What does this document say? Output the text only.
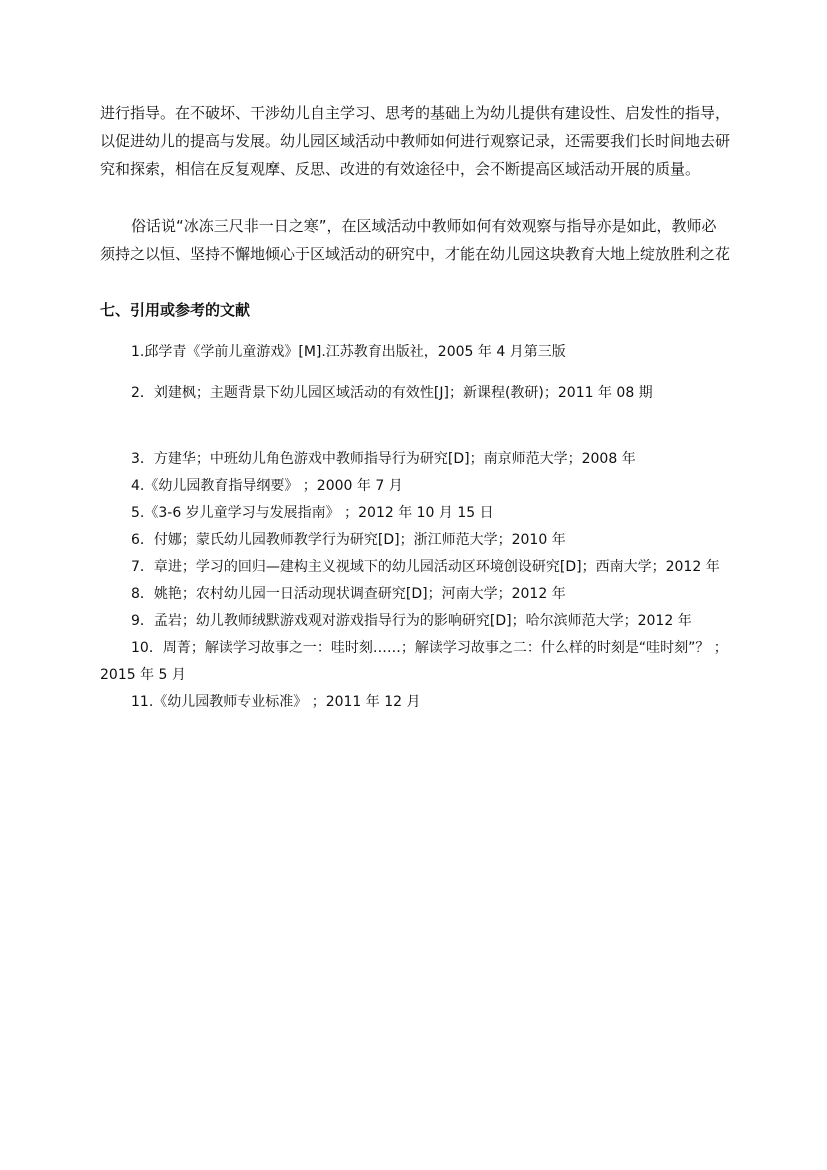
进行指导。在不破坏、干涉幼儿自主学习、思考的基础上为幼儿提供有建设性、启发性的指导，以促进幼儿的提高与发展。幼儿园区域活动中教师如何进行观察记录，还需要我们长时间地去研究和探索，相信在反复观摩、反思、改进的有效途径中，会不断提高区域活动开展的质量。

俗话说“冰冻三尺非一日之寒”，在区域活动中教师如何有效观察与指导亦是如此，教师必须持之以恒、坚持不懈地倾心于区域活动的研究中，才能在幼儿园这块教育大地上绽放胜利之花

七、引用或参考的文献
1.邱学青《学前儿童游戏》[M].江苏教育出版社，2005 年 4 月第三版
2．刘建枫；主题背景下幼儿园区域活动的有效性[J]；新课程(教研)；2011 年 08 期
3．方建华；中班幼儿角色游戏中教师指导行为研究[D]；南京师范大学；2008 年
4.《幼儿园教育指导纲要》 ；2000 年 7 月
5.《3-6 岁儿童学习与发展指南》 ；2012 年 10 月 15 日
6．付娜；蒙氏幼儿园教师教学行为研究[D]；浙江师范大学；2010 年
7．章进；学习的回归—建构主义视域下的幼儿园活动区环境创设研究[D]；西南大学；2012 年
8．姚艳；农村幼儿园一日活动现状调查研究[D]；河南大学；2012 年
9．孟岩；幼儿教师绒默游戏观对游戏指导行为的影响研究[D]；哈尔滨师范大学；2012 年
10．周菁；解读学习故事之一：哇时刻……；解读学习故事之二：什么样的时刻是“哇时刻”？ ；2015 年 5 月
11.《幼儿园教师专业标准》 ；2011 年 12 月
